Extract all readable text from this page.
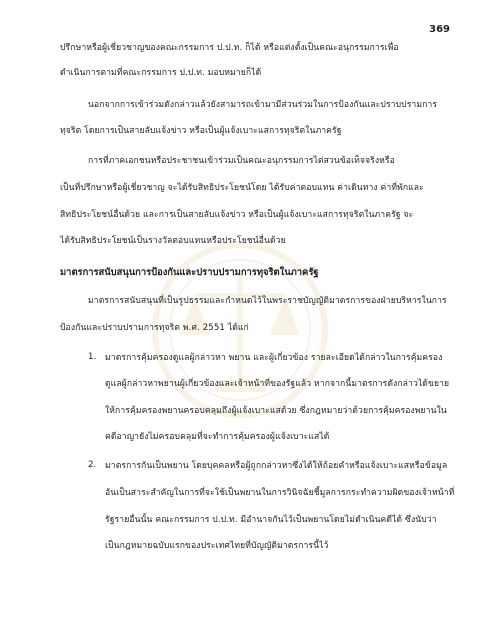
369
ปรึกษาหรือผู้เชี่ยวชาญของคณะกรรมการ ป.ป.ท. ก็ได้ หรือแต่งตั้งเป็นคณะอนุกรรมการเพื่อ
ดำเนินการตามที่คณะกรรมการ ป.ป.ท. มอบหมายก็ได้
นอกจากการเข้าร่วมดังกล่าวแล้วยังสามารถเข้ามามีส่วนร่วมในการป้องกันและปราบปรามการ
ทุจริต โดยการเป็นสายลับแจ้งข่าว หรือเป็นผู้แจ้งเบาะแสการทุจริตในภาครัฐ
การที่ภาคเอกชนหรือประชาชนเข้าร่วมเป็นคณะอนุกรรมการไต่สวนข้อเท็จจริงหรือ
เป็นที่ปรึกษาหรือผู้เชี่ยวชาญ จะได้รับสิทธิประโยชน์โดย ได้รับค่าตอบแทน ค่าเดินทาง ค่าที่พักและ
สิทธิประโยชน์อื่นด้วย และการเป็นสายลับแจ้งข่าว หรือเป็นผู้แจ้งเบาะแสการทุจริตในภาครัฐ จะ
ได้รับสิทธิประโยชน์เป็นรางวัลตอบแทนหรือประโยชน์อื่นด้วย
มาตรการสนับสนุนการป้องกันและปราบปรามการทุจริตในภาครัฐ
มาตรการสนับสนุนที่เป็นรูปธรรมและกำหนดไว้ในพระราชบัญญัติมาตรการของฝ่ายบริหารในการ
ป้องกันและปราบปรามการทุจริต พ.ศ. 2551 ได้แก่
1. มาตรการคุ้มครองดูแลผู้กล่าวหา พยาน และผู้เกี่ยวข้อง รายละเอียดได้กล่าวในการคุ้มครอง
ดูแลผู้กล่าวหาพยานผู้เกี่ยวข้องและเจ้าหน้าที่ของรัฐแล้ว หากจากนี้มาตรการดังกล่าวได้ขยาย
ให้การคุ้มครองพยานครอบคลุมถึงผู้แจ้งเบาะแสด้วย ซึ่งกฎหมายว่าด้วยการคุ้มครองพยานใน
คดีอาญายังไม่ครอบคลุมที่จะทำการคุ้มครองผู้แจ้งเบาะแสได้
2. มาตรการกันเป็นพยาน โดยบุคคลหรือผู้ถูกกล่าวหาซึ่งได้ให้ถ้อยคำหรือแจ้งเบาะแสหรือข้อมูล
อันเป็นสาระสำคัญในการที่จะใช้เป็นพยานในการวินิจฉัยชี้มูลการกระทำความผิดของเจ้าหน้าที่
รัฐรายอื่นนั้น คณะกรรมการ ป.ป.ท. มีอำนาจกันไว้เป็นพยานโดยไม่ดำเนินคดีได้ ซึ่งนับว่า
เป็นกฎหมายฉบับแรกของประเทศไทยที่บัญญัติมาตรการนี้ไว้
